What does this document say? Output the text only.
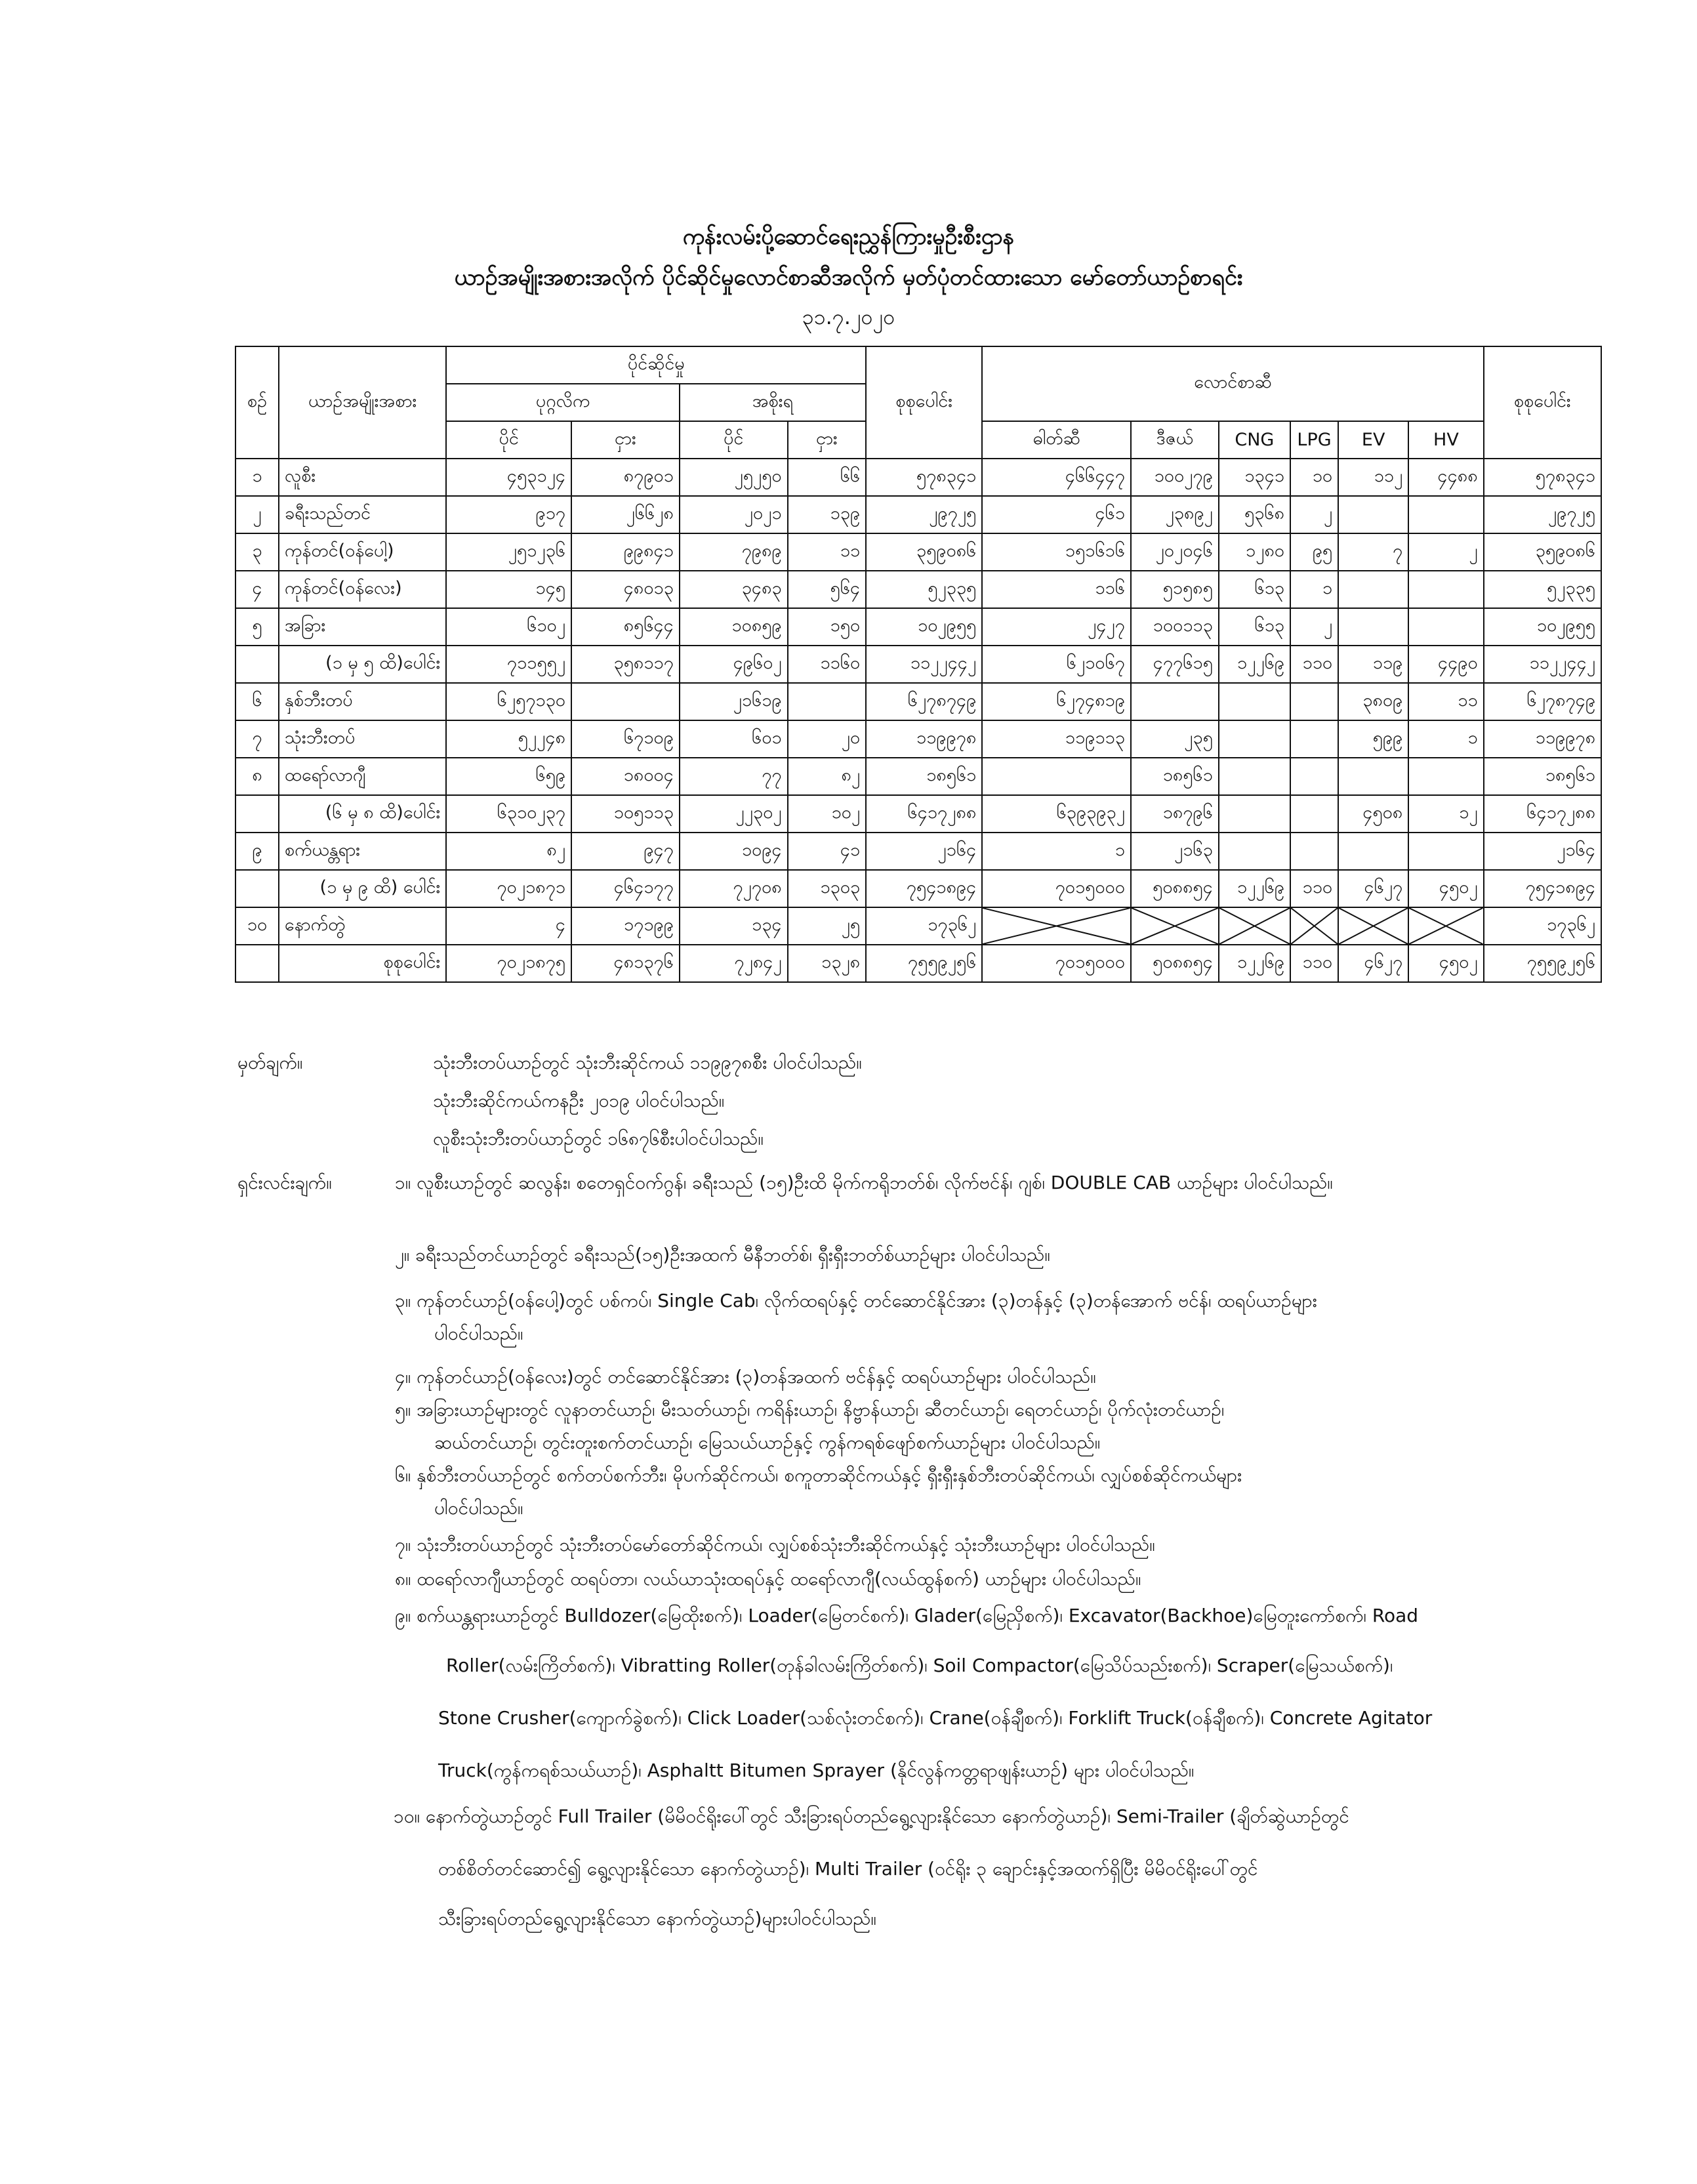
ကုန်းလမ်းပို့ဆောင်ရေးညွှန်ကြားမှုဦးစီးဌာန
ယာဉ်အမျိုးအစားအလိုက် ပိုင်ဆိုင်မှုလောင်စာဆီအလိုက် မှတ်ပုံတင်ထားသော မော်တော်ယာဉ်စာရင်း
၃၁.၇.၂၀၂၀
စဉ်	ယာဉ်အမျိုးအစား	ပိုင်ဆိုင်မှု				စုစုပေါင်း	လောင်စာဆီ						စုစုပေါင်း
		ပုဂ္ဂလိက		အစိုးရ									
		ပိုင်	ငှား	ပိုင်	ငှား		ဓါတ်ဆီ	ဒီဇယ်	CNG	LPG	EV	HV	
၁	လူစီး	၄၅၃၁၂၄	၈၇၉၀၁	၂၅၂၅၀	၆၆	၅၇၈၃၄၁	၄၆၆၄၄၇	၁၀၀၂၇၉	၁၃၄၁	၁၀	၁၁၂	၄၄၈၈	၅၇၈၃၄၁
၂	ခရီးသည်တင်	၉၁၇	၂၆၆၂၈	၂၀၂၁	၁၃၉	၂၉၇၂၅	၄၆၁	၂၃၈၉၂	၅၃၆၈	၂			၂၉၇၂၅
၃	ကုန်တင်(ဝန်ပေါ့)	၂၅၁၂၃၆	၉၉၈၄၁	၇၉၈၉	၁၁	၃၅၉၀၈၆	၁၅၁၆၁၆	၂၀၂၀၄၆	၁၂၈၀	၉၅	၇	၂	၃၅၉၀၈၆
၄	ကုန်တင်(ဝန်လေး)	၁၄၅	၄၈၀၁၃	၃၄၈၃	၅၆၄	၅၂၃၃၅	၁၁၆	၅၁၅၈၅	၆၁၃	၁			၅၂၃၃၅
၅	အခြား	၆၁၀၂	၈၅၆၄၄	၁၀၈၅၉	၁၅၀	၁၀၂၉၅၅	၂၄၂၇	၁၀၀၁၁၃	၆၁၃	၂			၁၀၂၉၅၅
	(၁ မှ ၅ ထိ)ပေါင်း	၇၁၁၅၅၂	၃၅၈၁၁၇	၄၉၆၀၂	၁၁၆၀	၁၁၂၂၄၄၂	၆၂၁၀၆၇	၄၇၇၆၁၅	၁၂၂၆၉	၁၁၀	၁၁၉	၄၄၉၀	၁၁၂၂၄၄၂
၆	နှစ်ဘီးတပ်	၆၂၅၇၁၃၀		၂၁၆၁၉		၆၂၇၈၇၄၉	၆၂၇၄၈၁၉				၃၈၀၉	၁၁	၆၂၇၈၇၄၉
၇	သုံးဘီးတပ်	၅၂၂၄၈	၆၇၁၀၉	၆၀၁	၂၀	၁၁၉၉၇၈	၁၁၉၁၁၃	၂၃၅			၅၉၉	၁	၁၁၉၉၇၈
၈	ထရော်လာဂျီ	၆၅၉	၁၈၀၀၄	၇၇	၈၂	၁၈၅၆၁		၁၈၅၆၁					၁၈၅၆၁
	(၆ မှ ၈ ထိ)ပေါင်း	၆၃၁၀၂၃၇	၁၀၅၁၁၃	၂၂၃၀၂	၁၀၂	၆၄၁၇၂၈၈	၆၃၉၃၉၃၂	၁၈၇၉၆			၄၅၀၈	၁၂	၆၄၁၇၂၈၈
၉	စက်ယန္တရား	၈၂	၉၄၇	၁၀၉၄	၄၁	၂၁၆၄	၁	၂၁၆၃					၂၁၆၄
	(၁ မှ ၉ ထိ) ပေါင်း	၇၀၂၁၈၇၁	၄၆၄၁၇၇	၇၂၇၀၈	၁၃၀၃	၇၅၄၁၈၉၄	၇၀၁၅၀၀၀	၅၀၈၈၅၄	၁၂၂၆၉	၁၁၀	၄၆၂၇	၄၅၀၂	၇၅၄၁၈၉၄
၁၀	နောက်တွဲ	၄	၁၇၁၉၉	၁၃၄	၂၅	၁၇၃၆၂							၁၇၃၆၂
	စုစုပေါင်း	၇၀၂၁၈၇၅	၄၈၁၃၇၆	၇၂၈၄၂	၁၃၂၈	၇၅၅၉၂၅၆	၇၀၁၅၀၀၀	၅၀၈၈၅၄	၁၂၂၆၉	၁၁၀	၄၆၂၇	၄၅၀၂	၇၅၅၉၂၅၆
မှတ်ချက်။	သုံးဘီးတပ်ယာဉ်တွင် သုံးဘီးဆိုင်ကယ် ၁၁၉၉၇၈စီး ပါဝင်ပါသည်။
သုံးဘီးဆိုင်ကယ်ကနဦး ၂၀၁၉ ပါဝင်ပါသည်။
လူစီးသုံးဘီးတပ်ယာဉ်တွင် ၁၆၈၇၆စီးပါဝင်ပါသည်။
ရှင်းလင်းချက်။	၁။ လူစီးယာဉ်တွင် ဆလွန်း၊ စတေရှင်ဝက်ဂွန်၊ ခရီးသည် (၁၅)ဦးထိ မိုက်ကရိုဘတ်စ်၊ လိုက်ဗင်န်၊ ဂျစ်၊ DOUBLE CAB ယာဉ်များ ပါဝင်ပါသည်။
၂။ ခရီးသည်တင်ယာဉ်တွင် ခရီးသည်(၁၅)ဦးအထက် မီနီဘတ်စ်၊ ရှီးရှီးဘတ်စ်ယာဉ်များ ပါဝင်ပါသည်။
၃။ ကုန်တင်ယာဉ်(ဝန်ပေါ့)တွင် ပစ်ကပ်၊ Single Cab၊ လိုက်ထရပ်နှင့် တင်ဆောင်နိုင်အား (၃)တန်နှင့် (၃)တန်အောက် ဗင်န်၊ ထရပ်ယာဉ်များ
ပါဝင်ပါသည်။
၄။ ကုန်တင်ယာဉ်(ဝန်လေး)တွင် တင်ဆောင်နိုင်အား (၃)တန်အထက် ဗင်န်နှင့် ထရပ်ယာဉ်များ ပါဝင်ပါသည်။
၅။ အခြားယာဉ်များတွင် လူနာတင်ယာဉ်၊ မီးသတ်ယာဉ်၊ ကရိန်းယာဉ်၊ နိဗ္ဗာန်ယာဉ်၊ ဆီတင်ယာဉ်၊ ရေတင်ယာဉ်၊ ပိုက်လုံးတင်ယာဉ်၊
ဆယ်တင်ယာဉ်၊ တွင်းတူးစက်တင်ယာဉ်၊ မြေသယ်ယာဉ်နှင့် ကွန်ကရစ်ဖျော်စက်ယာဉ်များ ပါဝင်ပါသည်။
၆။ နှစ်ဘီးတပ်ယာဉ်တွင် စက်တပ်စက်ဘီး၊ မိုပက်ဆိုင်ကယ်၊ စကူတာဆိုင်ကယ်နှင့် ရှီးရှီးနှစ်ဘီးတပ်ဆိုင်ကယ်၊ လျှပ်စစ်ဆိုင်ကယ်များ
ပါဝင်ပါသည်။
၇။ သုံးဘီးတပ်ယာဉ်တွင် သုံးဘီးတပ်မော်တော်ဆိုင်ကယ်၊ လျှပ်စစ်သုံးဘီးဆိုင်ကယ်နှင့် သုံးဘီးယာဉ်များ ပါဝင်ပါသည်။
၈။ ထရော်လာဂျီယာဉ်တွင် ထရပ်တာ၊ လယ်ယာသုံးထရပ်နှင့် ထရော်လာဂျီ(လယ်ထွန်စက်) ယာဉ်များ ပါဝင်ပါသည်။
၉။ စက်ယန္တရားယာဉ်တွင် Bulldozer(မြေထိုးစက်)၊ Loader(မြေတင်စက်)၊ Glader(မြေညှိစက်)၊ Excavator(Backhoe)မြေတူးကော်စက်၊ Road
Roller(လမ်းကြိတ်စက်)၊ Vibratting Roller(တုန်ခါလမ်းကြိတ်စက်)၊ Soil Compactor(မြေသိပ်သည်းစက်)၊ Scraper(မြေသယ်စက်)၊
Stone Crusher(ကျောက်ခွဲစက်)၊ Click Loader(သစ်လုံးတင်စက်)၊ Crane(ဝန်ချီစက်)၊ Forklift Truck(ဝန်ချီစက်)၊ Concrete Agitator
Truck(ကွန်ကရစ်သယ်ယာဉ်)၊ Asphaltt Bitumen Sprayer (နိုင်လွန်ကတ္တရာဖျန်းယာဉ်) များ ပါဝင်ပါသည်။
၁၀။ နောက်တွဲယာဉ်တွင် Full Trailer (မိမိဝင်ရိုးပေါ်တွင် သီးခြားရပ်တည်ရွေ့လျားနိုင်သော နောက်တွဲယာဉ်)၊ Semi-Trailer (ချိတ်ဆွဲယာဉ်တွင်
တစ်စိတ်တင်ဆောင်၍ ရွေ့လျားနိုင်သော နောက်တွဲယာဉ်)၊ Multi Trailer (ဝင်ရိုး ၃ ချောင်းနှင့်အထက်ရှိပြီး မိမိဝင်ရိုးပေါ်တွင်
သီးခြားရပ်တည်ရွေ့လျားနိုင်သော နောက်တွဲယာဉ်)များပါဝင်ပါသည်။
